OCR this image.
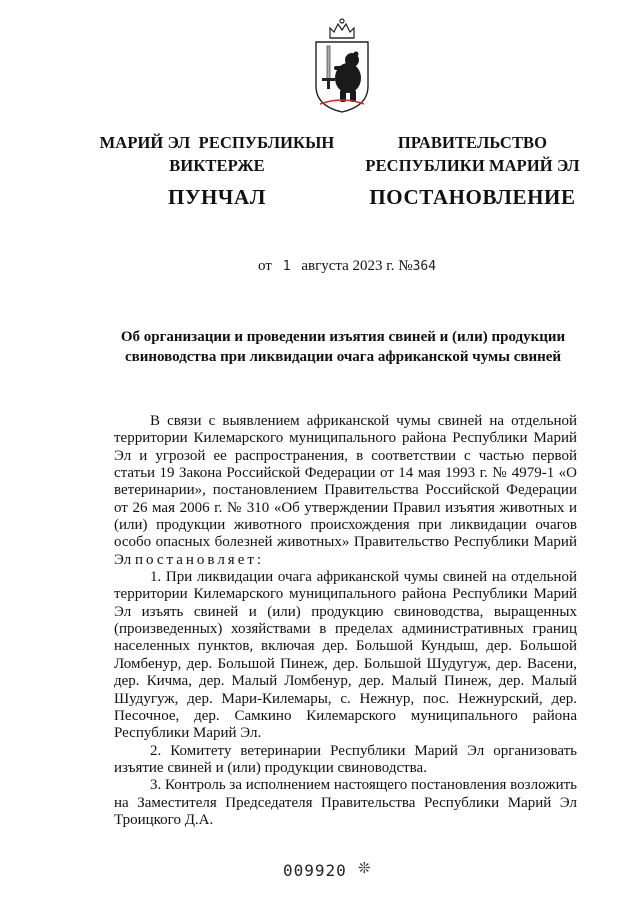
МАРИЙ ЭЛ  РЕСПУБЛИКЫН
ВИКТЕРЖЕ
ПУНЧАЛ
ПРАВИТЕЛЬСТВО
РЕСПУБЛИКИ МАРИЙ ЭЛ
ПОСТАНОВЛЕНИЕ
от 1 августа 2023 г. №364
Об организации и проведении изъятия свиней и (или) продукции
свиноводства при ликвидации очага африканской чумы свиней

В связи с выявлением африканской чумы свиней на отдельной территории Килемарского муниципального района Республики Марий Эл и угрозой ее распространения, в соответствии с частью первой статьи 19 Закона Российской Федерации от 14 мая 1993 г. № 4979-1 «О ветеринарии», постановлением Правительства Российской Федерации от 26 мая 2006 г. № 310 «Об утверждении Правил изъятия животных и (или) продукции животного происхождения при ликвидации очагов особо опасных болезней животных» Правительство Республики Марий Эл постановляет:

1. При ликвидации очага африканской чумы свиней на отдельной территории Килемарского муниципального района Республики Марий Эл изъять свиней и (или) продукцию свиноводства, выращенных (произведенных) хозяйствами в пределах административных границ населенных пунктов, включая дер. Большой Кундыш, дер. Большой Ломбенур, дер. Большой Пинеж, дер. Большой Шудугуж, дер. Васени, дер. Кичма, дер. Малый Ломбенур, дер. Малый Пинеж, дер. Малый Шудугуж, дер. Мари-Килемары, с. Нежнур, пос. Нежнурский, дер. Песочное, дер. Самкино Килемарского муниципального района Республики Марий Эл.

2. Комитету ветеринарии Республики Марий Эл организовать изъятие свиней и (или) продукции свиноводства.

3. Контроль за исполнением настоящего постановления возложить на Заместителя Председателя Правительства Республики Марий Эл Троицкого Д.А.

009920 ❊
